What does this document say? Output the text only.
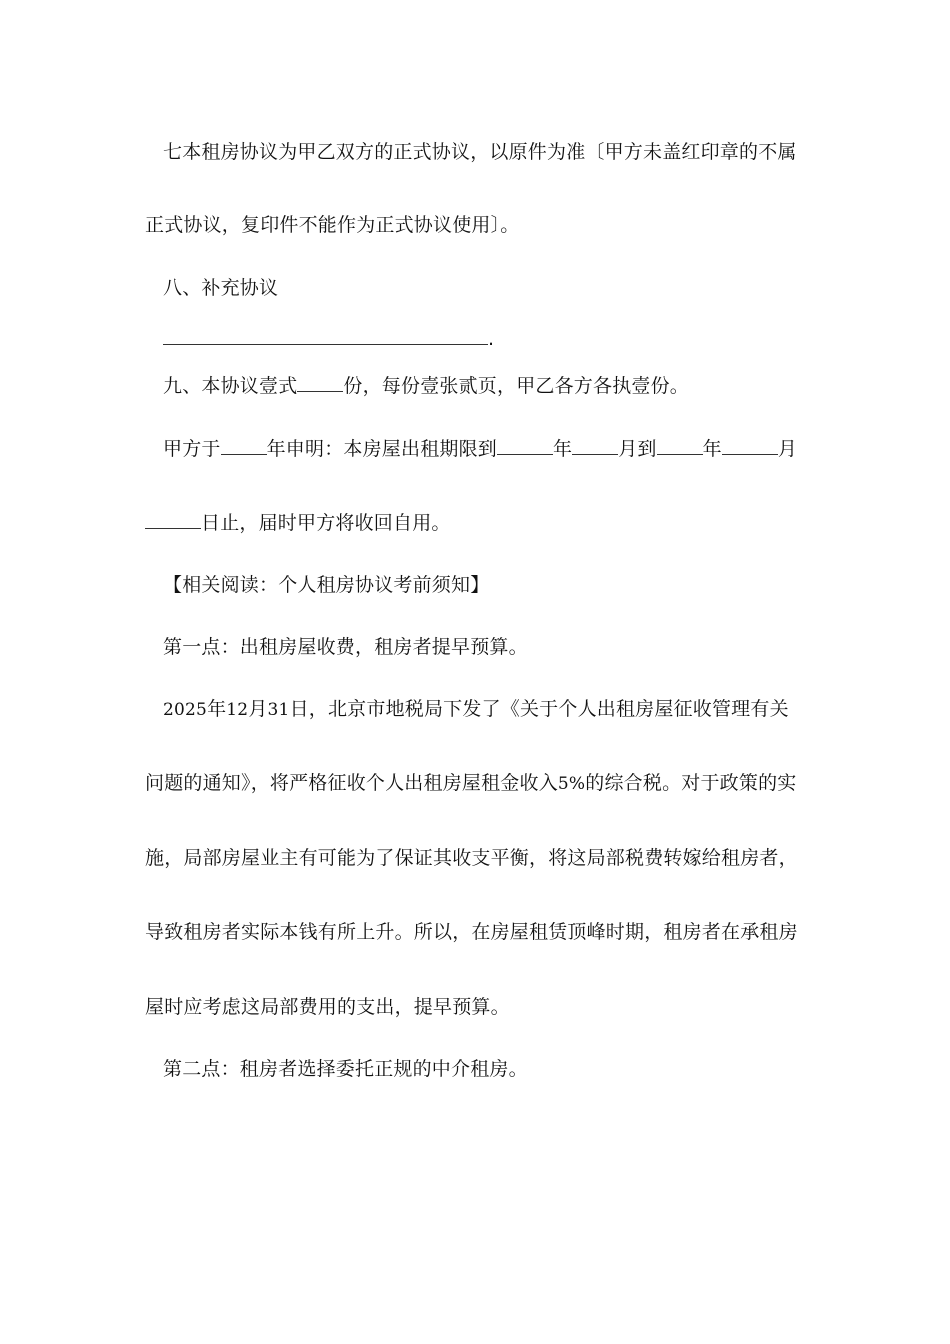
七本租房协议为甲乙双方的正式协议，以原件为准〔甲方未盖红印章的不属
正式协议，复印件不能作为正式协议使用〕。
八、补充协议
.
九、本协议壹式 份，每份壹张贰页，甲乙各方各执壹份。
甲方于 年申明：本房屋出租期限到	年 月到 年	月
日止，届时甲方将收回自用。
【相关阅读：个人租房协议考前须知】
第一点：出租房屋收费，租房者提早预算。
2025年12月31日，北京市地税局下发了《关于个人出租房屋征收管理有关
问题的通知》，将严格征收个人出租房屋租金收入5%的综合税。对于政策的实
施，局部房屋业主有可能为了保证其收支平衡，将这局部税费转嫁给租房者，
导致租房者实际本钱有所上升。所以，在房屋租赁顶峰时期，租房者在承租房
屋时应考虑这局部费用的支出，提早预算。
第二点：租房者选择委托正规的中介租房。
